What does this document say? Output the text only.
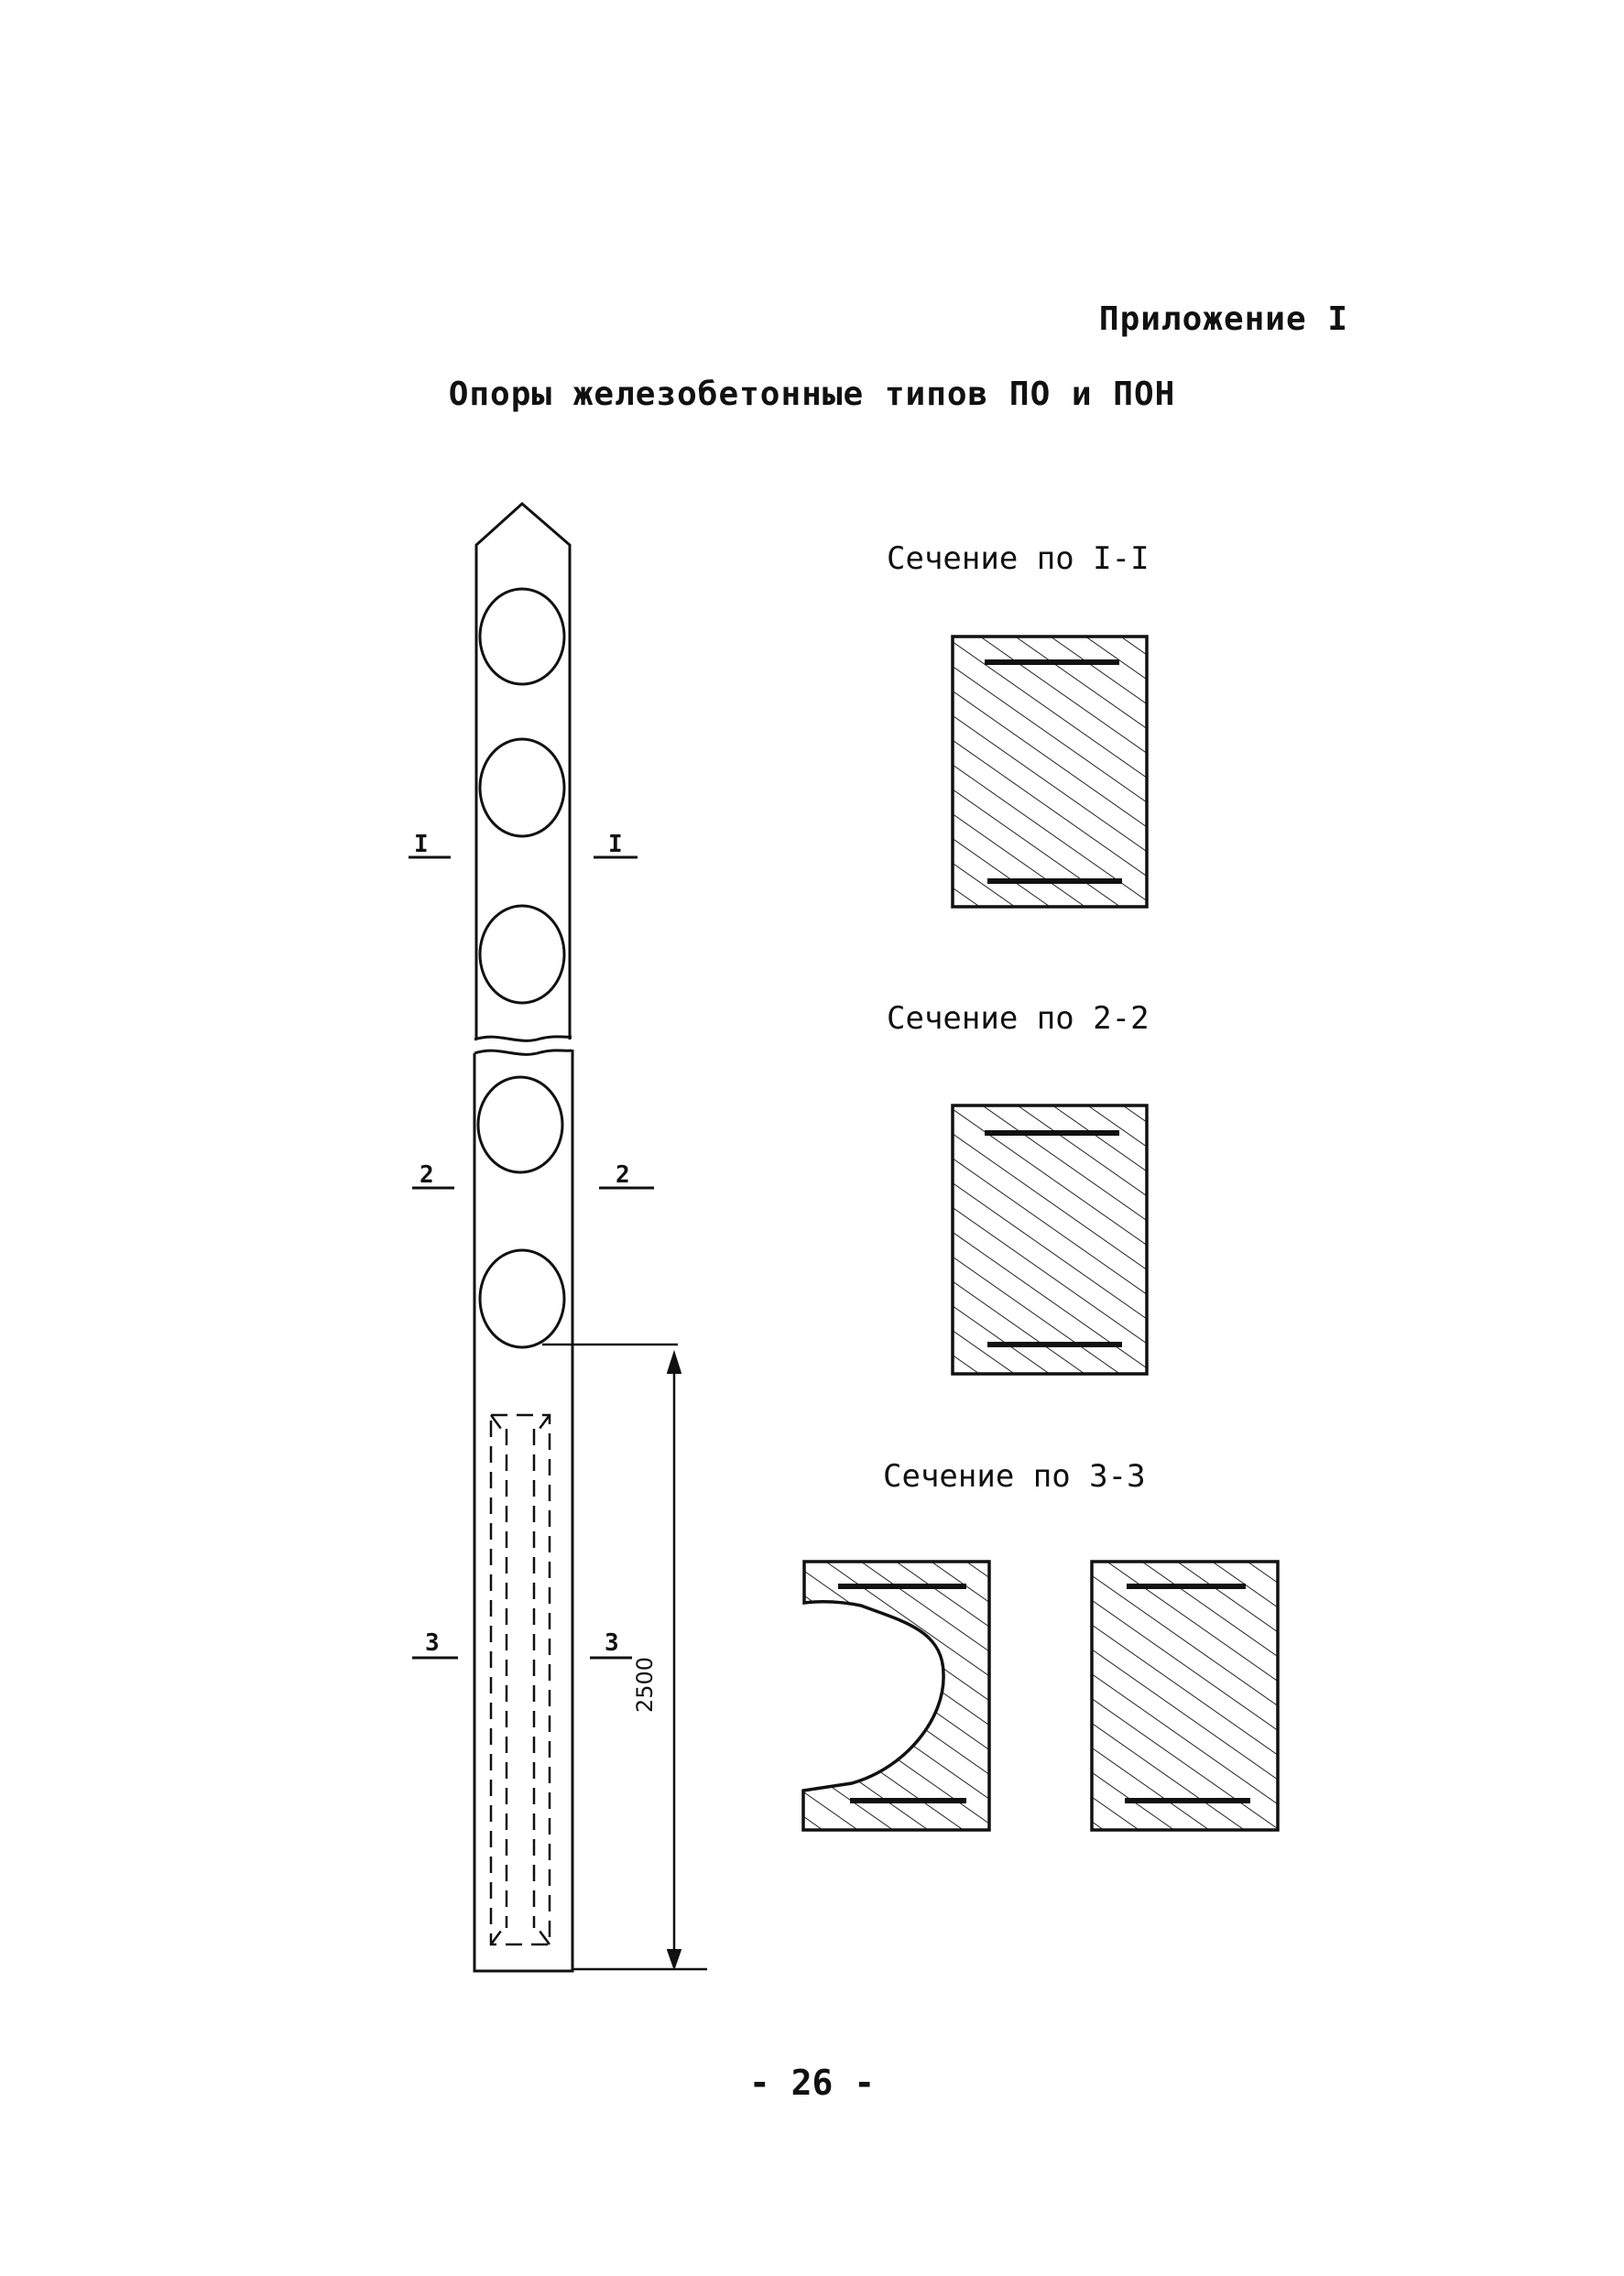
Приложение I

Опоры железобетонные типов ПО и ПОН

Сечение по I-I

Сечение по 2-2

Сечение по 3-3

2500
I	I
2	2
3	3

- 26 -
